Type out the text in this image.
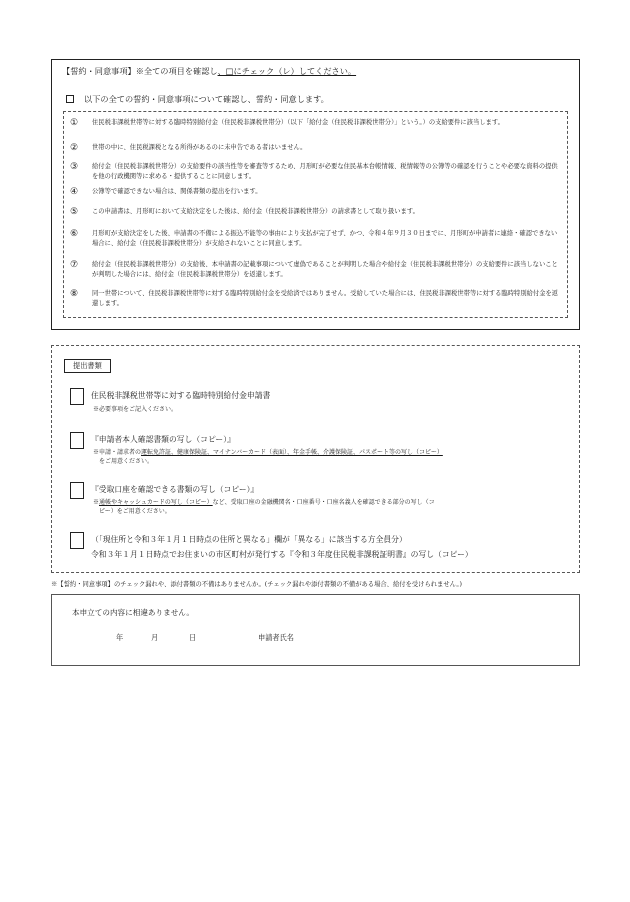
【誓約・同意事項】※全ての項目を確認し、□にチェック（レ）してください。
以下の全ての誓約・同意事項について確認し、誓約・同意します。
① 住民税非課税世帯等に対する臨時特別給付金（住民税非課税世帯分）（以下「給付金（住民税非課税世帯分）」という。）の支給要件に該当します。
② 世帯の中に、住民税課税となる所得があるのに未申告である者はいません。
③ 給付金（住民税非課税世帯分）の支給要件の該当性等を審査等するため、月形町が必要な住民基本台帳情報、税情報等の公簿等の確認を行うことや必要な資料の提供を他の行政機関等に求める・提供することに同意します。
④ 公簿等で確認できない場合は、関係書類の提出を行います。
⑤ この申請書は、月形町において支給決定をした後は、給付金（住民税非課税世帯分）の請求書として取り扱います。
⑥ 月形町が支給決定をした後、申請書の不備による振込不能等の事由により支払が完了せず、かつ、令和４年９月３０日までに、月形町が申請者に連絡・確認できない場合に、給付金（住民税非課税世帯分）が支給されないことに同意します。
⑦ 給付金（住民税非課税世帯分）の支給後、本申請書の記載事項について虚偽であることが判明した場合や給付金（住民税非課税世帯分）の支給要件に該当しないことが判明した場合には、給付金（住民税非課税世帯分）を返還します。
⑧ 同一世帯について、住民税非課税世帯等に対する臨時特別給付金を受給済ではありません。受給していた場合には、住民税非課税世帯等に対する臨時特別給付金を返還します。
提出書類
住民税非課税世帯等に対する臨時特別給付金申請書
※必要事項をご記入ください。
『申請者本人確認書類の写し（コピー）』
※申請・請求者の運転免許証、健康保険証、マイナンバーカード（表面）、年金手帳、介護保険証、パスポート等の写し（コピー）
をご用意ください。
『受取口座を確認できる書類の写し（コピー）』
※通帳やキャッシュカードの写し（コピー）など、受取口座の金融機関名・口座番号・口座名義人を確認できる部分の写し（コ
ピー）をご用意ください。
（「現住所と令和３年１月１日時点の住所と異なる」欄が「異なる」に該当する方全員分）
令和３年１月１日時点でお住まいの市区町村が発行する『令和３年度住民税非課税証明書』の写し（コピー）
※【誓約・同意事項】のチェック漏れや、添付書類の不備はありませんか。(チェック漏れや添付書類の不備がある場合、給付を受けられません。)
本申立ての内容に相違ありません。
年	月	日	申請者氏名
